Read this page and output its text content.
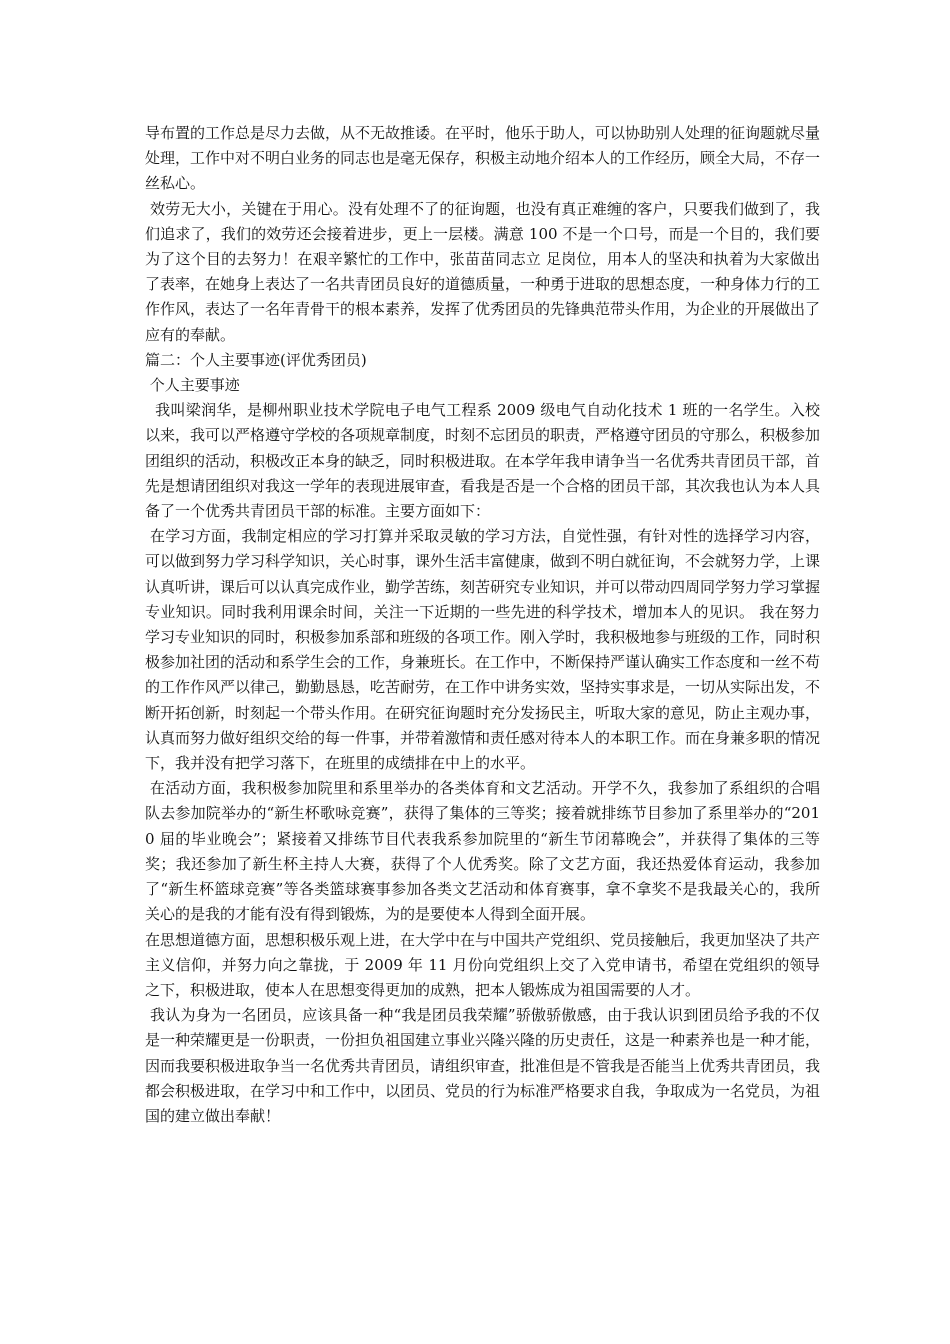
导布置的工作总是尽力去做，从不无故推诿。在平时，他乐于助人，可以协助别人处理的征询题就尽量处理，工作中对不明白业务的同志也是毫无保存，积极主动地介绍本人的工作经历，顾全大局，不存一丝私心。

效劳无大小，关键在于用心。没有处理不了的征询题，也没有真正难缠的客户，只要我们做到了，我们追求了，我们的效劳还会接着进步，更上一层楼。满意 100 不是一个口号，而是一个目的，我们要为了这个目的去努力！在艰辛繁忙的工作中，张苗苗同志立 足岗位，用本人的坚决和执着为大家做出了表率，在她身上表达了一名共青团员良好的道德质量，一种勇于进取的思想态度，一种身体力行的工作作风，表达了一名年青骨干的根本素养，发挥了优秀团员的先锋典范带头作用，为企业的开展做出了应有的奉献。

篇二：个人主要事迹(评优秀团员)

个人主要事迹

我叫梁润华，是柳州职业技术学院电子电气工程系 2009 级电气自动化技术 1 班的一名学生。入校以来，我可以严格遵守学校的各项规章制度，时刻不忘团员的职责，严格遵守团员的守那么，积极参加团组织的活动，积极改正本身的缺乏，同时积极进取。在本学年我申请争当一名优秀共青团员干部，首先是想请团组织对我这一学年的表现进展审查，看我是否是一个合格的团员干部，其次我也认为本人具备了一个优秀共青团员干部的标准。主要方面如下：

在学习方面，我制定相应的学习打算并采取灵敏的学习方法，自觉性强，有针对性的选择学习内容，可以做到努力学习科学知识，关心时事，课外生活丰富健康，做到不明白就征询，不会就努力学，上课认真听讲，课后可以认真完成作业，勤学苦练，刻苦研究专业知识，并可以带动四周同学努力学习掌握专业知识。同时我利用课余时间，关注一下近期的一些先进的科学技术，增加本人的见识。 我在努力学习专业知识的同时，积极参加系部和班级的各项工作。刚入学时，我积极地参与班级的工作，同时积极参加社团的活动和系学生会的工作，身兼班长。在工作中，不断保持严谨认确实工作态度和一丝不苟的工作作风严以律己，勤勤恳恳，吃苦耐劳，在工作中讲务实效，坚持实事求是，一切从实际出发，不断开拓创新，时刻起一个带头作用。在研究征询题时充分发扬民主，听取大家的意见，防止主观办事，认真而努力做好组织交给的每一件事，并带着激情和责任感对待本人的本职工作。而在身兼多职的情况下，我并没有把学习落下，在班里的成绩排在中上的水平。

在活动方面，我积极参加院里和系里举办的各类体育和文艺活动。开学不久，我参加了系组织的合唱队去参加院举办的“新生杯歌咏竞赛”，获得了集体的三等奖；接着就排练节目参加了系里举办的“2010 届的毕业晚会”；紧接着又排练节目代表我系参加院里的“新生节闭幕晚会”，并获得了集体的三等奖；我还参加了新生杯主持人大赛，获得了个人优秀奖。除了文艺方面，我还热爱体育运动，我参加了“新生杯篮球竞赛”等各类篮球赛事参加各类文艺活动和体育赛事，拿不拿奖不是我最关心的，我所关心的是我的才能有没有得到锻炼，为的是要使本人得到全面开展。

在思想道德方面，思想积极乐观上进，在大学中在与中国共产党组织、党员接触后，我更加坚决了共产主义信仰，并努力向之靠拢，于 2009 年 11 月份向党组织上交了入党申请书，希望在党组织的领导之下，积极进取，使本人在思想变得更加的成熟，把本人锻炼成为祖国需要的人才。

我认为身为一名团员，应该具备一种“我是团员我荣耀”骄傲骄傲感，由于我认识到团员给予我的不仅是一种荣耀更是一份职责，一份担负祖国建立事业兴隆兴隆的历史责任，这是一种素养也是一种才能，因而我要积极进取争当一名优秀共青团员，请组织审查，批准但是不管我是否能当上优秀共青团员，我都会积极进取，在学习中和工作中，以团员、党员的行为标准严格要求自我，争取成为一名党员，为祖国的建立做出奉献！
